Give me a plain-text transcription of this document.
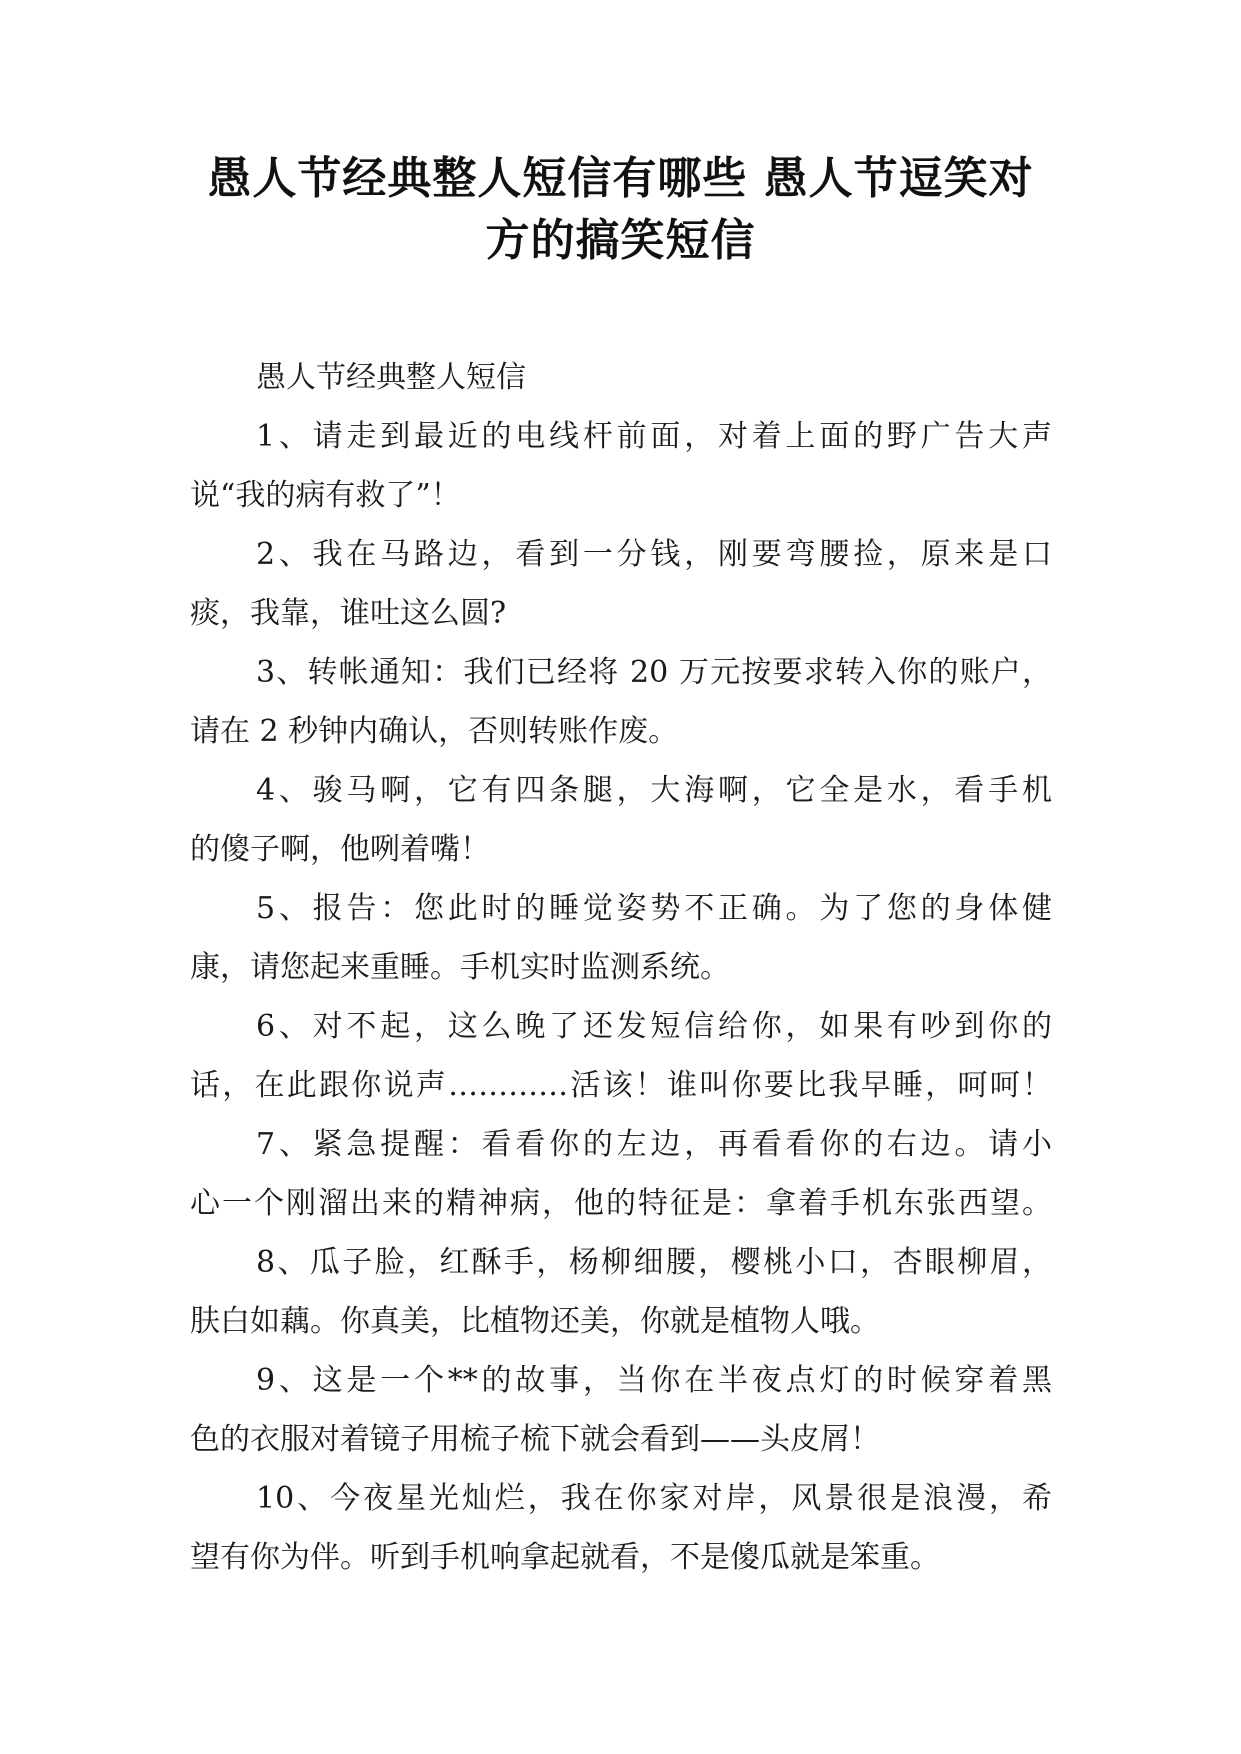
愚人节经典整人短信有哪些 愚人节逗笑对
方的搞笑短信
愚人节经典整人短信
1、请走到最近的电线杆前面，对着上面的野广告大声
说“我的病有救了”！
2、我在马路边，看到一分钱，刚要弯腰捡，原来是口
痰，我靠，谁吐这么圆?
3、转帐通知：我们已经将 20 万元按要求转入你的账户，
请在 2 秒钟内确认，否则转账作废。
4、骏马啊，它有四条腿，大海啊，它全是水，看手机
的傻子啊，他咧着嘴！
5、报告：您此时的睡觉姿势不正确。为了您的身体健
康，请您起来重睡。手机实时监测系统。
6、对不起，这么晚了还发短信给你，如果有吵到你的
话，在此跟你说声…………活该！谁叫你要比我早睡，呵呵！
7、紧急提醒：看看你的左边，再看看你的右边。请小
心一个刚溜出来的精神病，他的特征是：拿着手机东张西望。
8、瓜子脸，红酥手，杨柳细腰，樱桃小口，杏眼柳眉，
肤白如藕。你真美，比植物还美，你就是植物人哦。
9、这是一个**的故事，当你在半夜点灯的时候穿着黑
色的衣服对着镜子用梳子梳下就会看到——头皮屑！
10、今夜星光灿烂，我在你家对岸，风景很是浪漫，希
望有你为伴。听到手机响拿起就看，不是傻瓜就是笨重。
